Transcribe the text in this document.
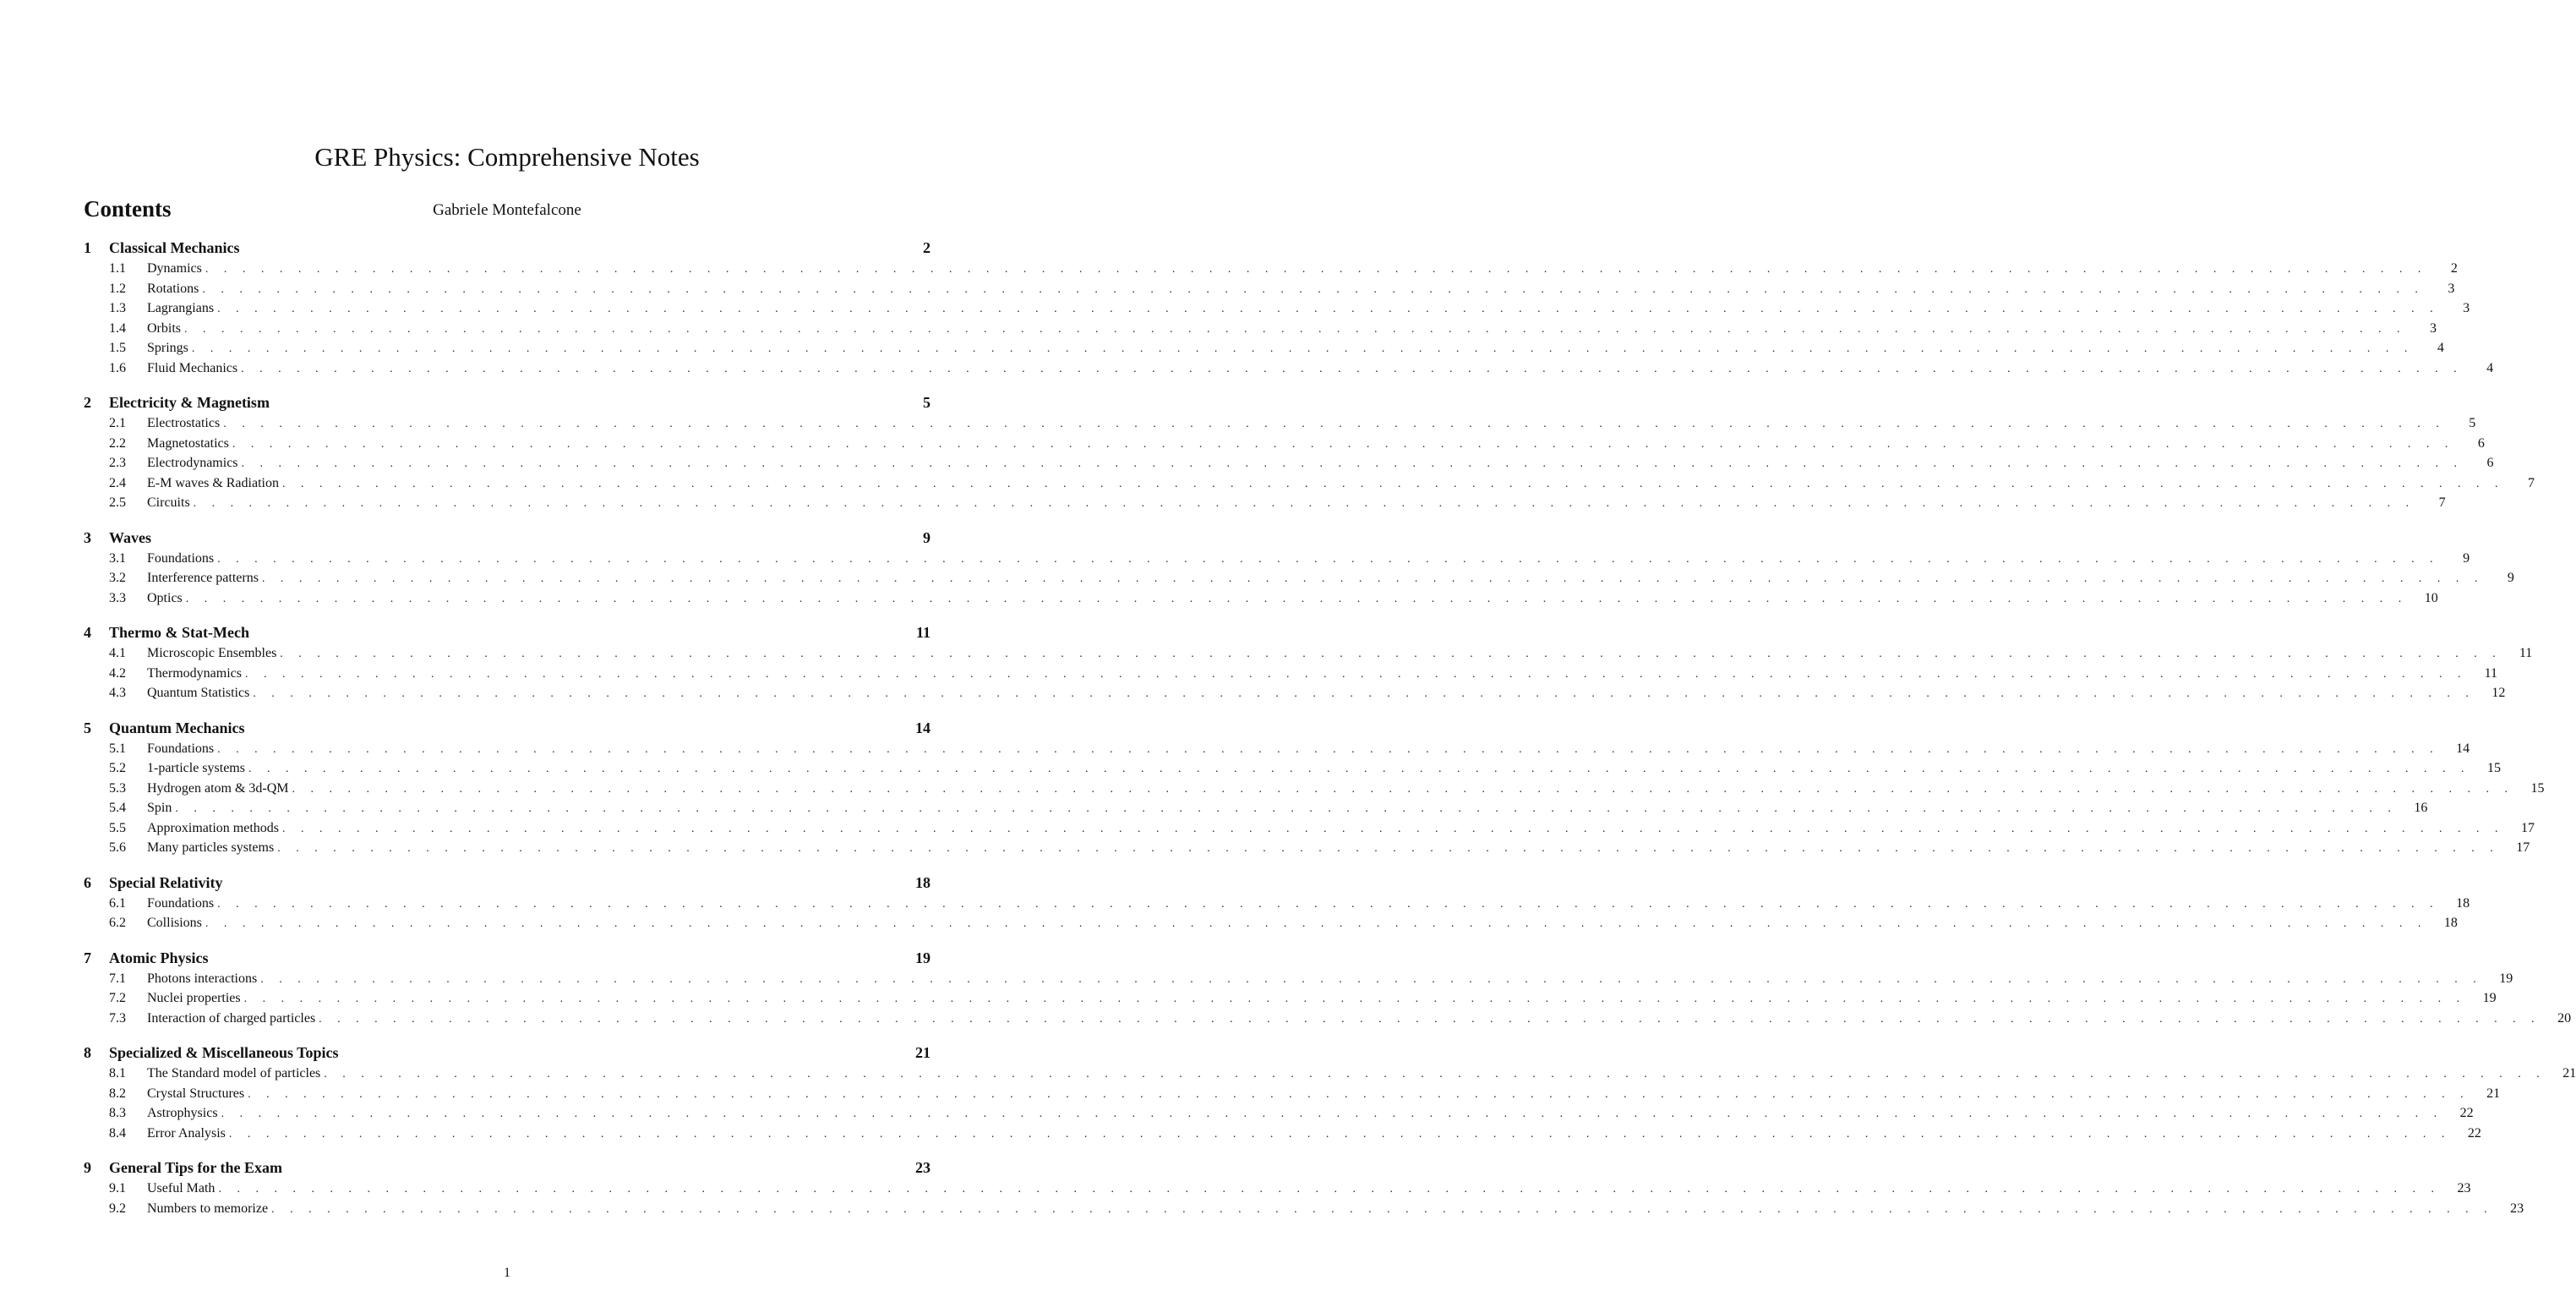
GRE Physics: Comprehensive Notes
Contents	Gabriele Montefalcone
1	Classical Mechanics	2
1.1	Dynamics . . . . . . . . . . . . . . . . . . . . . . . . . . . . . . . . . . . . . . . . . . . . . . . . . . . . . . . . . . . . . . . . . . . . . . . . . . . . . . . . . . . . . . . . . . . . . . . . . . . . . . . . . . . . . . . . . . . . . . . .	2
1.2	Rotations . . . . . . . . . . . . . . . . . . . . . . . . . . . . . . . . . . . . . . . . . . . . . . . . . . . . . . . . . . . . . . . . . . . . . . . . . . . . . . . . . . . . . . . . . . . . . . . . . . . . . . . . . . . . . . . . . . . . . . . .	3
1.3	Lagrangians . . . . . . . . . . . . . . . . . . . . . . . . . . . . . . . . . . . . . . . . . . . . . . . . . . . . . . . . . . . . . . . . . . . . . . . . . . . . . . . . . . . . . . . . . . . . . . . . . . . . . . . . . . . . . . . . . . . . . . . .	3
1.4	Orbits . . . . . . . . . . . . . . . . . . . . . . . . . . . . . . . . . . . . . . . . . . . . . . . . . . . . . . . . . . . . . . . . . . . . . . . . . . . . . . . . . . . . . . . . . . . . . . . . . . . . . . . . . . . . . . . . . . . . . . . .	3
1.5	Springs . . . . . . . . . . . . . . . . . . . . . . . . . . . . . . . . . . . . . . . . . . . . . . . . . . . . . . . . . . . . . . . . . . . . . . . . . . . . . . . . . . . . . . . . . . . . . . . . . . . . . . . . . . . . . . . . . . . . . . . .	4
1.6	Fluid Mechanics . . . . . . . . . . . . . . . . . . . . . . . . . . . . . . . . . . . . . . . . . . . . . . . . . . . . . . . . . . . . . . . . . . . . . . . . . . . . . . . . . . . . . . . . . . . . . . . . . . . . . . . . . . . . . . . . . . . . . . . .	4
2	Electricity & Magnetism	5
2.1	Electrostatics . . . . . . . . . . . . . . . . . . . . . . . . . . . . . . . . . . . . . . . . . . . . . . . . . . . . . . . . . . . . . . . . . . . . . . . . . . . . . . . . . . . . . . . . . . . . . . . . . . . . . . . . . . . . . . . . . . . . . . . .	5
2.2	Magnetostatics . . . . . . . . . . . . . . . . . . . . . . . . . . . . . . . . . . . . . . . . . . . . . . . . . . . . . . . . . . . . . . . . . . . . . . . . . . . . . . . . . . . . . . . . . . . . . . . . . . . . . . . . . . . . . . . . . . . . . . . .	6
2.3	Electrodynamics . . . . . . . . . . . . . . . . . . . . . . . . . . . . . . . . . . . . . . . . . . . . . . . . . . . . . . . . . . . . . . . . . . . . . . . . . . . . . . . . . . . . . . . . . . . . . . . . . . . . . . . . . . . . . . . . . . . . . . . .	6
2.4	E-M waves & Radiation . . . . . . . . . . . . . . . . . . . . . . . . . . . . . . . . . . . . . . . . . . . . . . . . . . . . . . . . . . . . . . . . . . . . . . . . . . . . . . . . . . . . . . . . . . . . . . . . . . . . . . . . . . . . . . . . . . . . . . . .	7
2.5	Circuits . . . . . . . . . . . . . . . . . . . . . . . . . . . . . . . . . . . . . . . . . . . . . . . . . . . . . . . . . . . . . . . . . . . . . . . . . . . . . . . . . . . . . . . . . . . . . . . . . . . . . . . . . . . . . . . . . . . . . . . .	7
3	Waves	9
3.1	Foundations . . . . . . . . . . . . . . . . . . . . . . . . . . . . . . . . . . . . . . . . . . . . . . . . . . . . . . . . . . . . . . . . . . . . . . . . . . . . . . . . . . . . . . . . . . . . . . . . . . . . . . . . . . . . . . . . . . . . . . . .	9
3.2	Interference patterns . . . . . . . . . . . . . . . . . . . . . . . . . . . . . . . . . . . . . . . . . . . . . . . . . . . . . . . . . . . . . . . . . . . . . . . . . . . . . . . . . . . . . . . . . . . . . . . . . . . . . . . . . . . . . . . . . . . . . . . .	9
3.3	Optics . . . . . . . . . . . . . . . . . . . . . . . . . . . . . . . . . . . . . . . . . . . . . . . . . . . . . . . . . . . . . . . . . . . . . . . . . . . . . . . . . . . . . . . . . . . . . . . . . . . . . . . . . . . . . . . . . . . . . . . .	10
4	Thermo & Stat-Mech	11
4.1	Microscopic Ensembles . . . . . . . . . . . . . . . . . . . . . . . . . . . . . . . . . . . . . . . . . . . . . . . . . . . . . . . . . . . . . . . . . . . . . . . . . . . . . . . . . . . . . . . . . . . . . . . . . . . . . . . . . . . . . . . . . . . . . . . .	11
4.2	Thermodynamics . . . . . . . . . . . . . . . . . . . . . . . . . . . . . . . . . . . . . . . . . . . . . . . . . . . . . . . . . . . . . . . . . . . . . . . . . . . . . . . . . . . . . . . . . . . . . . . . . . . . . . . . . . . . . . . . . . . . . . . .	11
4.3	Quantum Statistics . . . . . . . . . . . . . . . . . . . . . . . . . . . . . . . . . . . . . . . . . . . . . . . . . . . . . . . . . . . . . . . . . . . . . . . . . . . . . . . . . . . . . . . . . . . . . . . . . . . . . . . . . . . . . . . . . . . . . . . .	12
5	Quantum Mechanics	14
5.1	Foundations . . . . . . . . . . . . . . . . . . . . . . . . . . . . . . . . . . . . . . . . . . . . . . . . . . . . . . . . . . . . . . . . . . . . . . . . . . . . . . . . . . . . . . . . . . . . . . . . . . . . . . . . . . . . . . . . . . . . . . . .	14
5.2	1-particle systems . . . . . . . . . . . . . . . . . . . . . . . . . . . . . . . . . . . . . . . . . . . . . . . . . . . . . . . . . . . . . . . . . . . . . . . . . . . . . . . . . . . . . . . . . . . . . . . . . . . . . . . . . . . . . . . . . . . . . . . .	15
5.3	Hydrogen atom & 3d-QM . . . . . . . . . . . . . . . . . . . . . . . . . . . . . . . . . . . . . . . . . . . . . . . . . . . . . . . . . . . . . . . . . . . . . . . . . . . . . . . . . . . . . . . . . . . . . . . . . . . . . . . . . . . . . . . . . . . . . . . .	15
5.4	Spin . . . . . . . . . . . . . . . . . . . . . . . . . . . . . . . . . . . . . . . . . . . . . . . . . . . . . . . . . . . . . . . . . . . . . . . . . . . . . . . . . . . . . . . . . . . . . . . . . . . . . . . . . . . . . . . . . . . . . . . .	16
5.5	Approximation methods . . . . . . . . . . . . . . . . . . . . . . . . . . . . . . . . . . . . . . . . . . . . . . . . . . . . . . . . . . . . . . . . . . . . . . . . . . . . . . . . . . . . . . . . . . . . . . . . . . . . . . . . . . . . . . . . . . . . . . . .	17
5.6	Many particles systems . . . . . . . . . . . . . . . . . . . . . . . . . . . . . . . . . . . . . . . . . . . . . . . . . . . . . . . . . . . . . . . . . . . . . . . . . . . . . . . . . . . . . . . . . . . . . . . . . . . . . . . . . . . . . . . . . . . . . . . .	17
6	Special Relativity	18
6.1	Foundations . . . . . . . . . . . . . . . . . . . . . . . . . . . . . . . . . . . . . . . . . . . . . . . . . . . . . . . . . . . . . . . . . . . . . . . . . . . . . . . . . . . . . . . . . . . . . . . . . . . . . . . . . . . . . . . . . . . . . . . .	18
6.2	Collisions . . . . . . . . . . . . . . . . . . . . . . . . . . . . . . . . . . . . . . . . . . . . . . . . . . . . . . . . . . . . . . . . . . . . . . . . . . . . . . . . . . . . . . . . . . . . . . . . . . . . . . . . . . . . . . . . . . . . . . . .	18
7	Atomic Physics	19
7.1	Photons interactions . . . . . . . . . . . . . . . . . . . . . . . . . . . . . . . . . . . . . . . . . . . . . . . . . . . . . . . . . . . . . . . . . . . . . . . . . . . . . . . . . . . . . . . . . . . . . . . . . . . . . . . . . . . . . . . . . . . . . . . .	19
7.2	Nuclei properties . . . . . . . . . . . . . . . . . . . . . . . . . . . . . . . . . . . . . . . . . . . . . . . . . . . . . . . . . . . . . . . . . . . . . . . . . . . . . . . . . . . . . . . . . . . . . . . . . . . . . . . . . . . . . . . . . . . . . . . .	19
7.3	Interaction of charged particles . . . . . . . . . . . . . . . . . . . . . . . . . . . . . . . . . . . . . . . . . . . . . . . . . . . . . . . . . . . . . . . . . . . . . . . . . . . . . . . . . . . . . . . . . . . . . . . . . . . . . . . . . . . . . . . . . . . . . . . .	20
8	Specialized & Miscellaneous Topics	21
8.1	The Standard model of particles . . . . . . . . . . . . . . . . . . . . . . . . . . . . . . . . . . . . . . . . . . . . . . . . . . . . . . . . . . . . . . . . . . . . . . . . . . . . . . . . . . . . . . . . . . . . . . . . . . . . . . . . . . . . . . . . . . . . . . . .	21
8.2	Crystal Structures . . . . . . . . . . . . . . . . . . . . . . . . . . . . . . . . . . . . . . . . . . . . . . . . . . . . . . . . . . . . . . . . . . . . . . . . . . . . . . . . . . . . . . . . . . . . . . . . . . . . . . . . . . . . . . . . . . . . . . . .	21
8.3	Astrophysics . . . . . . . . . . . . . . . . . . . . . . . . . . . . . . . . . . . . . . . . . . . . . . . . . . . . . . . . . . . . . . . . . . . . . . . . . . . . . . . . . . . . . . . . . . . . . . . . . . . . . . . . . . . . . . . . . . . . . . . .	22
8.4	Error Analysis . . . . . . . . . . . . . . . . . . . . . . . . . . . . . . . . . . . . . . . . . . . . . . . . . . . . . . . . . . . . . . . . . . . . . . . . . . . . . . . . . . . . . . . . . . . . . . . . . . . . . . . . . . . . . . . . . . . . . . . .	22
9	General Tips for the Exam	23
9.1	Useful Math . . . . . . . . . . . . . . . . . . . . . . . . . . . . . . . . . . . . . . . . . . . . . . . . . . . . . . . . . . . . . . . . . . . . . . . . . . . . . . . . . . . . . . . . . . . . . . . . . . . . . . . . . . . . . . . . . . . . . . . .	23
9.2	Numbers to memorize . . . . . . . . . . . . . . . . . . . . . . . . . . . . . . . . . . . . . . . . . . . . . . . . . . . . . . . . . . . . . . . . . . . . . . . . . . . . . . . . . . . . . . . . . . . . . . . . . . . . . . . . . . . . . . . . . . . . . . . .	23
1
